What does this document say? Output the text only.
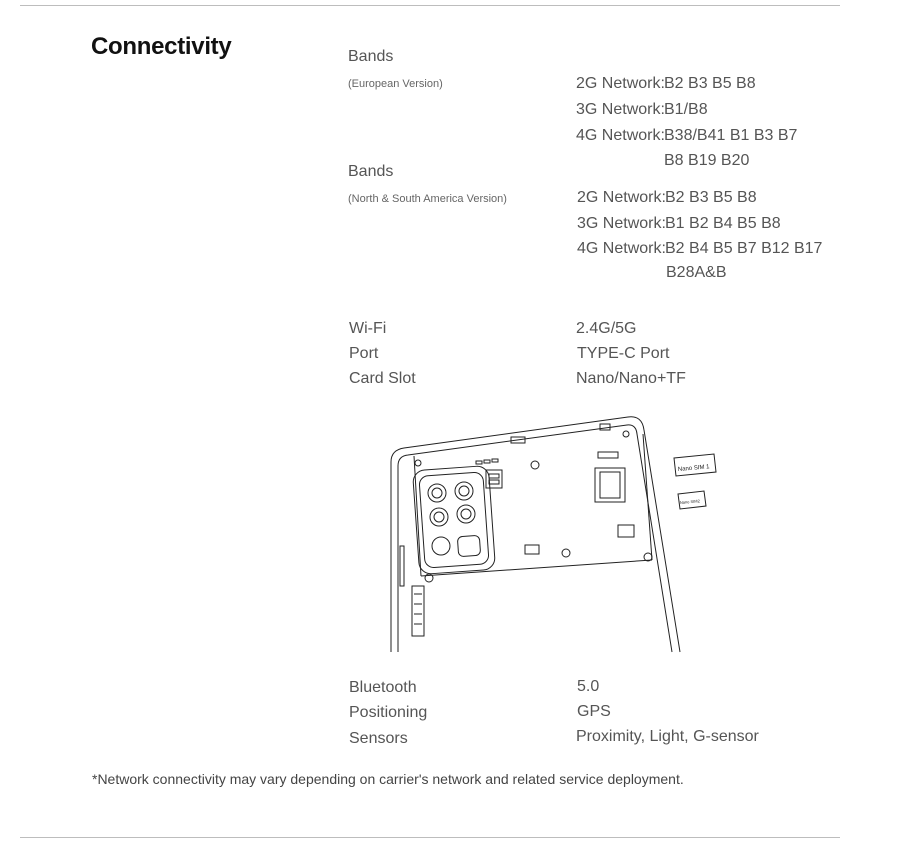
Connectivity	Bands
(European Version)	2G Network: B2 B3 B5 B8
3G Network: B1/B8
4G Network: B38/B41 B1 B3 B7
B8 B19 B20
Bands
(North & South America Version)	2G Network: B2 B3 B5 B8
3G Network: B1 B2 B4 B5 B8
4G Network: B2 B4 B5 B7 B12 B17
B28A&B
Wi-Fi	2.4G/5G
Port	TYPE-C Port
Card Slot	Nano/Nano+TF
Nano SIM 1
Nano SIM2
Bluetooth	5.0
Positioning	GPS
Sensors	Proximity, Light, G-sensor
*Network connectivity may vary depending on carrier's network and related service deployment.
